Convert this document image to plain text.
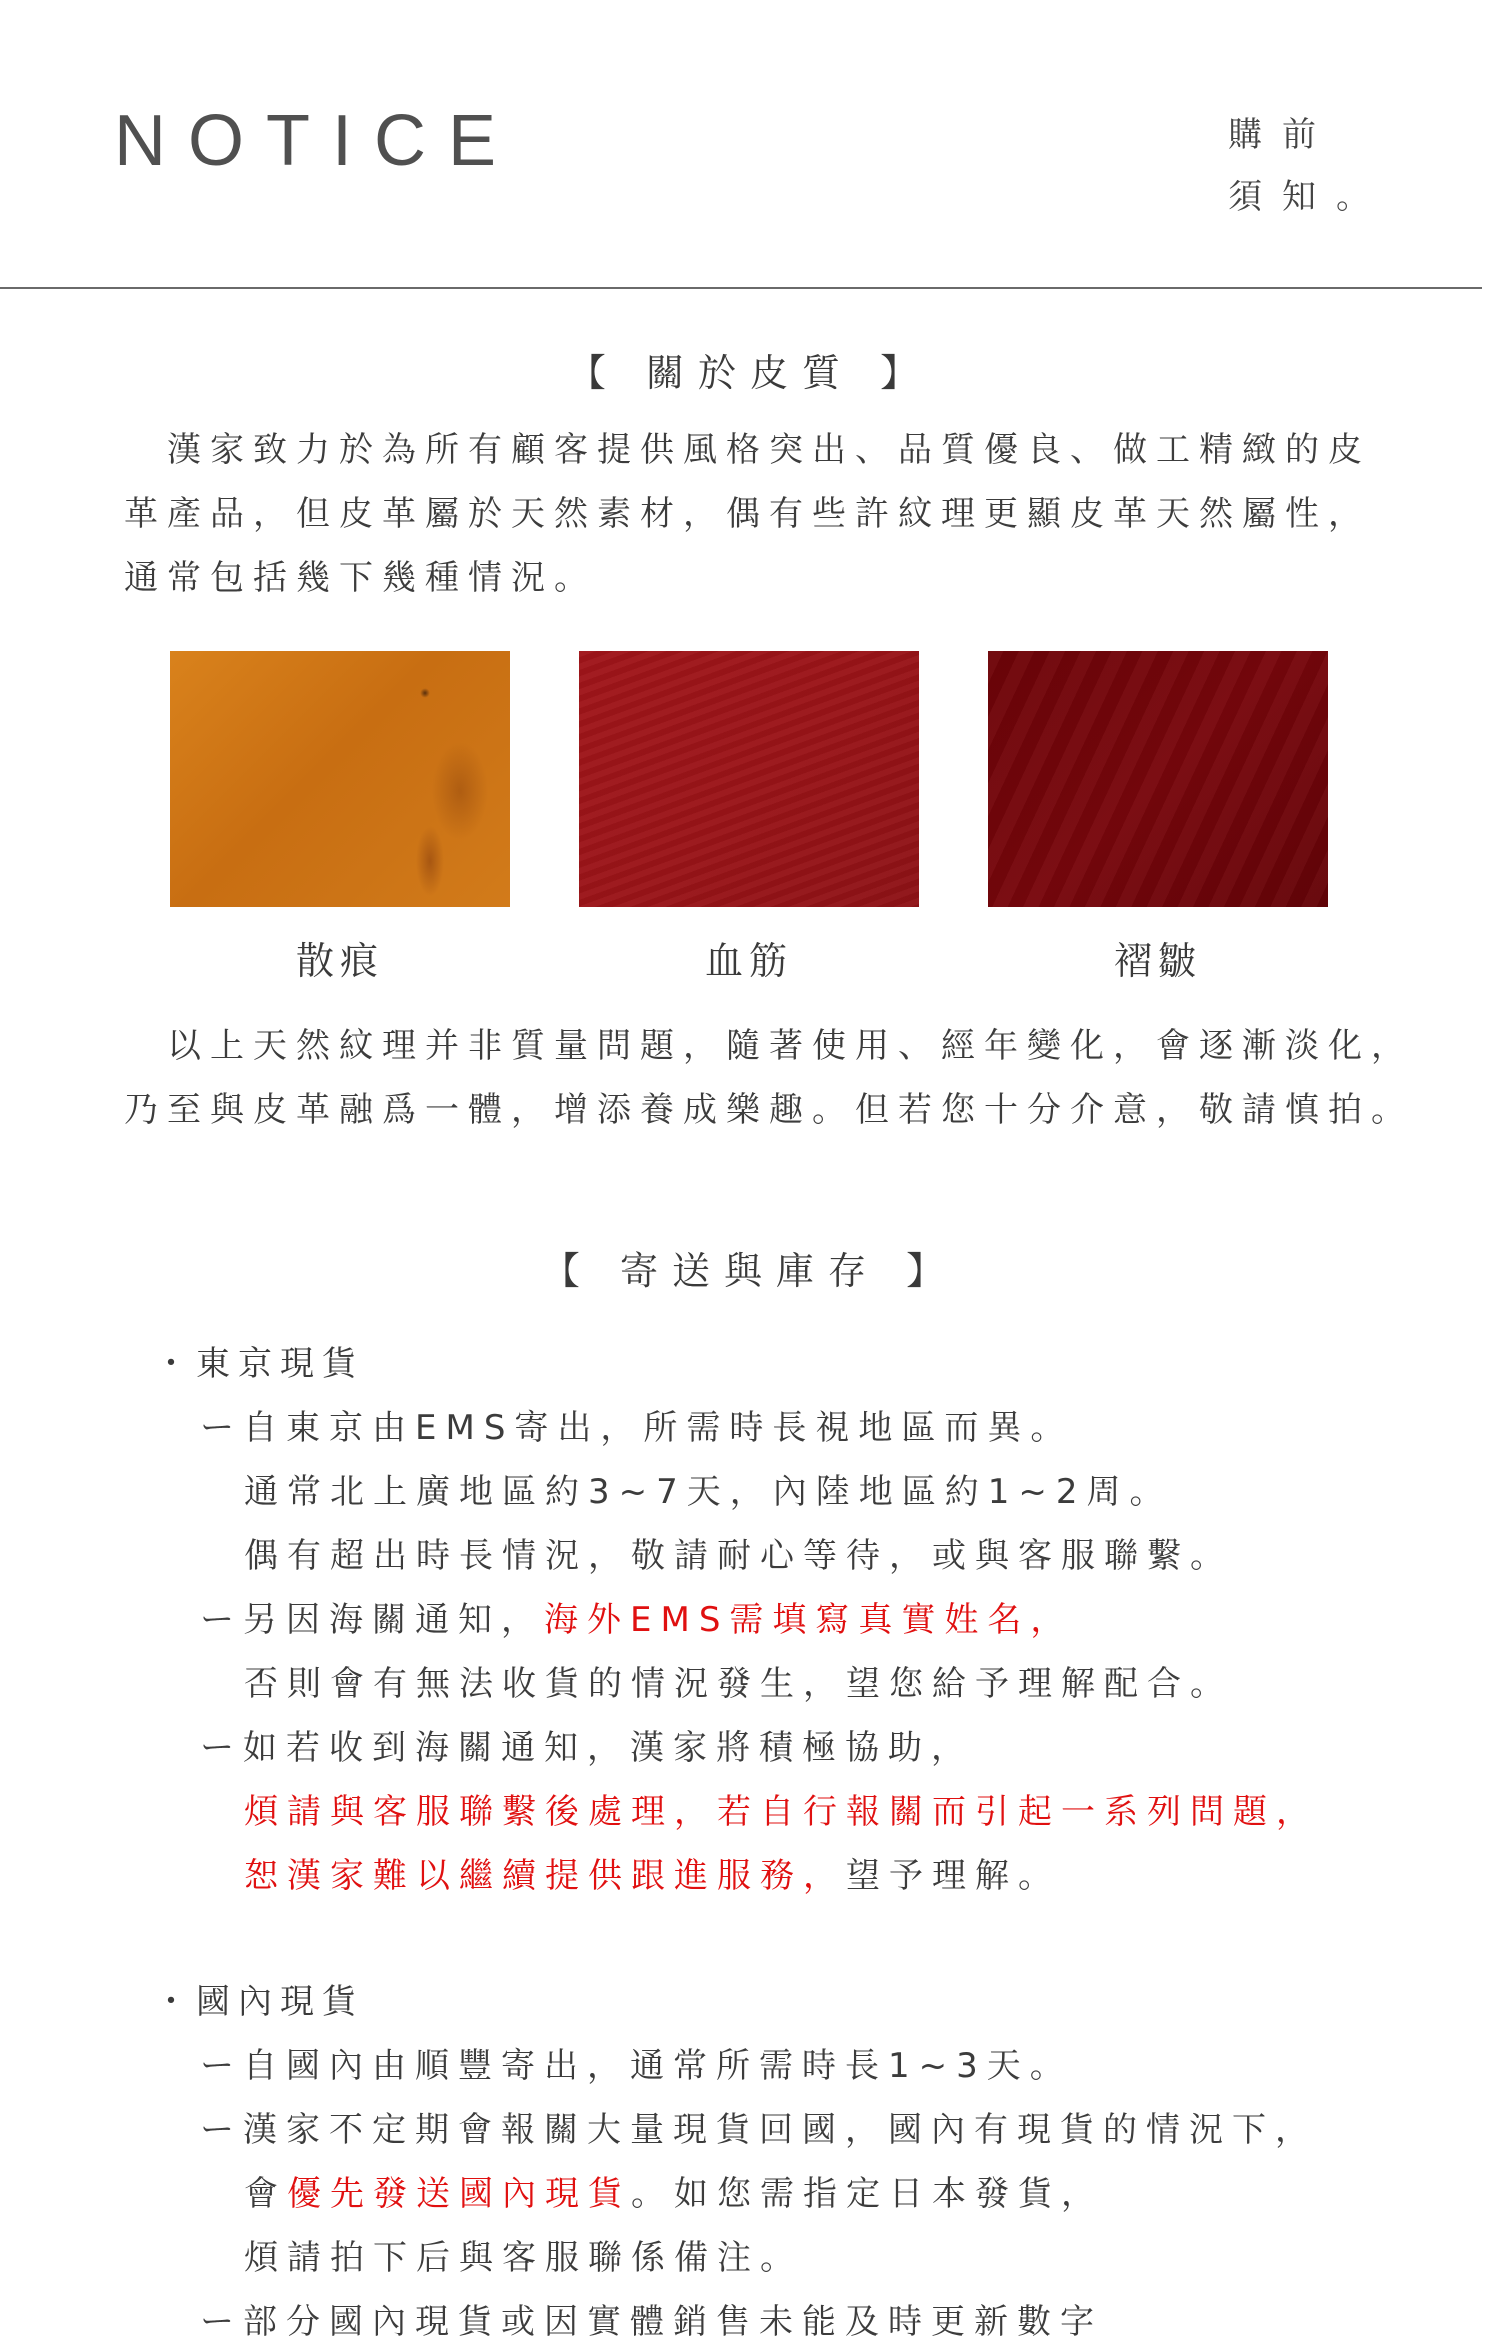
NOTICE	購前
須知。
【 關於皮質 】
　漢家致力於為所有顧客提供風格突出、品質優良、做工精緻的皮
革產品，但皮革屬於天然素材，偶有些許紋理更顯皮革天然屬性，
通常包括幾下幾種情況。
散痕	血筋	褶皺
　以上天然紋理并非質量問題，隨著使用、經年變化，會逐漸淡化，
乃至與皮革融爲一體，增添養成樂趣。但若您十分介意，敬請慎拍。
【 寄送與庫存 】
・東京現貨
ー自東京由EMS寄出，所需時長視地區而異。
通常北上廣地區約3~7天，內陸地區約1~2周。
偶有超出時長情況，敬請耐心等待，或與客服聯繫。
ー另因海關通知，海外EMS需填寫真實姓名，
否則會有無法收貨的情況發生，望您給予理解配合。
ー如若收到海關通知，漢家將積極協助，
煩請與客服聯繫後處理，若自行報關而引起一系列問題，
恕漢家難以繼續提供跟進服務，望予理解。
・國內現貨
ー自國內由順豐寄出，通常所需時長1~3天。
ー漢家不定期會報關大量現貨回國，國內有現貨的情況下，
會優先發送國內現貨。如您需指定日本發貨，
煩請拍下后與客服聯係備注。
ー部分國內現貨或因實體銷售未能及時更新數字
